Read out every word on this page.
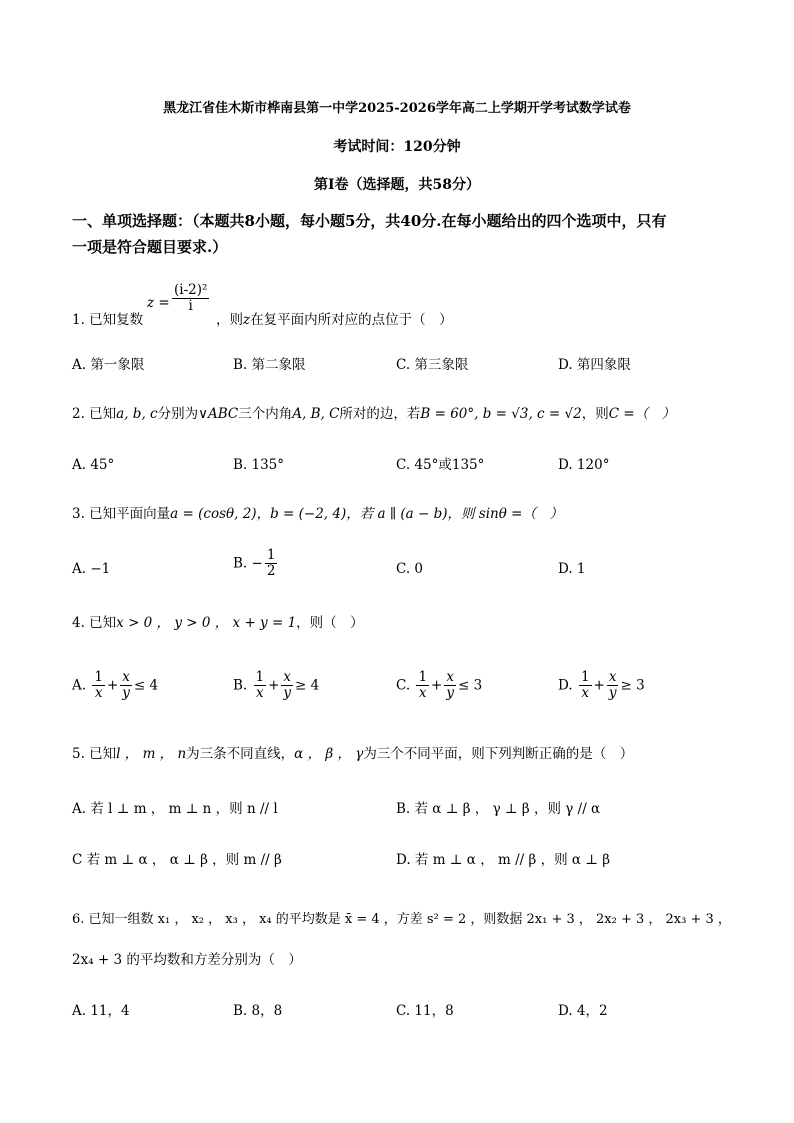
黑龙江省佳木斯市桦南县第一中学2025-2026学年高二上学期开学考试数学试卷
考试时间：120分钟
第Ⅰ卷（选择题，共58分）
一、单项选择题：（本题共8小题，每小题5分，共40分.在每小题给出的四个选项中，只有
一项是符合题目要求.）
1. 已知复数
$z = \frac{\text{(i-2)²}}{i}$
，则z在复平面内所对应的点位于（　）
A. 第一象限	B. 第二象限	C. 第三象限	D. 第四象限
2. 已知a, b, c分别为∨ABC三个内角A, B, C所对的边，若B = 60°, b = √3, c = √2，则C =（　）
A. 45°	B. 135°	C. 45°或135°	D. 120°
3. 已知平面向量a = (cosθ, 2)，b = (−2, 4)，若 a ∥ (a − b)，则 sinθ =（　）
A. −1	B. − $\frac{1}{2}$	C. 0	D. 1
4. 已知x > 0 ， y > 0 ， x + y = 1，则（　）
A. $\frac{1}{x} + \frac{x}{y} \le 4$	B. $\frac{1}{x} + \frac{x}{y} \ge 4$	C. $\frac{1}{x} + \frac{x}{y} \le 3$	D. $\frac{1}{x} + \frac{x}{y} \ge 3$
5. 已知l ， m ， n为三条不同直线，α ， β ， γ为三个不同平面，则下列判断正确的是（　）
A. 若 l ⊥ m ， m ⊥ n ，则 n // l	B. 若 α ⊥ β ， γ ⊥ β ，则 γ // α
C 若 m ⊥ α ， α ⊥ β ，则 m // β	D. 若 m ⊥ α ， m // β ，则 α ⊥ β
6. 已知一组数 x₁ ， x₂ ， x₃ ， x₄ 的平均数是 x̄ = 4 ，方差 s² = 2 ，则数据 2x₁ + 3 ， 2x₂ + 3 ， 2x₃ + 3 ，
2x₄ + 3 的平均数和方差分别为（　）
A. 11，4	B. 8，8	C. 11，8	D. 4，2
